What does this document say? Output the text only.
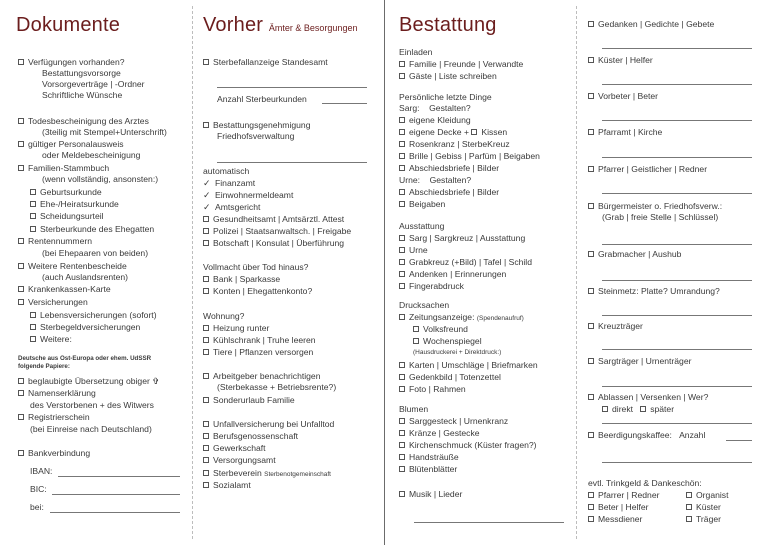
Dokumente
Verfügungen vorhanden?
Bestattungsvorsorge
Vorsorgeverträge | -Ordner
Schriftliche Wünsche
Todesbescheinigung des Arztes
(3teilig mit Stempel+Unterschrift)
gültiger Personalausweis
oder Meldebescheinigung
Familien-Stammbuch
(wenn vollständig, ansonsten:)
Geburtsurkunde
Ehe-/Heiratsurkunde
Scheidungsurteil
Sterbeurkunde des Ehegatten
Rentennummern
(bei Ehepaaren von beiden)
Weitere Rentenbescheide
(auch Auslandsrenten)
Krankenkassen-Karte
Versicherungen
Lebensversicherungen (sofort)
Sterbegeldversicherungen
Weitere:
Deutsche aus Ost-Europa oder ehem. UdSSR
folgende Papiere:
beglaubigte Übersetzung obiger ✞
Namenserklärung
des Verstorbenen + des Witwers
Registrierschein
(bei Einreise nach Deutschland)
Bankverbindung
IBAN:
BIC:
bei:
Vorher Ämter & Besorgungen
Sterbefallanzeige Standesamt
Anzahl Sterbeurkunden
Bestattungsgenehmigung
Friedhofsverwaltung
automatisch
✓ Finanzamt
✓ Einwohnermeldeamt
✓ Amtsgericht
Gesundheitsamt | Amtsärztl. Attest
Polizei | Staatsanwaltsch. | Freigabe
Botschaft | Konsulat | Überführung
Vollmacht über Tod hinaus?
Bank | Sparkasse
Konten | Ehegattenkonto?
Wohnung?
Heizung runter
Kühlschrank | Truhe leeren
Tiere | Pflanzen versorgen
Arbeitgeber benachrichtigen
(Sterbekasse + Betriebsrente?)
Sonderurlaub Familie
Unfallversicherung bei Unfalltod
Berufsgenossenschaft
Gewerkschaft
Versorgungsamt
Sterbeverein Sterbenotgemeinschaft
Sozialamt
Bestattung
Einladen
Familie | Freunde | Verwandte
Gäste | Liste schreiben
Persönliche letzte Dinge
Sarg: Gestalten?
eigene Kleidung
eigene Decke + Kissen
Rosenkranz | SterbeKreuz
Brille | Gebiss | Parfüm | Beigaben
Abschiedsbriefe | Bilder
Urne: Gestalten?
Abschiedsbriefe | Bilder
Beigaben
Ausstattung
Sarg | Sargkreuz | Ausstattung
Urne
Grabkreuz (+Bild) | Tafel | Schild
Andenken | Erinnerungen
Fingerabdruck
Drucksachen
Zeitungsanzeige: (Spendenaufruf)
Volksfreund
Wochenspiegel
(Hausdruckerei + Direktdruck:)
Karten | Umschläge | Briefmarken
Gedenkbild | Totenzettel
Foto | Rahmen
Blumen
Sarggesteck | Urnenkranz
Kränze | Gestecke
Kirchenschmuck (Küster fragen?)
Handsträuße
Blütenblätter
Musik | Lieder
Gedanken | Gedichte | Gebete
Küster | Helfer
Vorbeter | Beter
Pfarramt | Kirche
Pfarrer | Geistlicher | Redner
Bürgermeister o. Friedhofsverw.:
(Grab | freie Stelle | Schlüssel)
Grabmacher | Aushub
Steinmetz: Platte? Umrandung?
Kreuzträger
Sargträger | Urnenträger
Ablassen | Versenken | Wer?
direkt später
Beerdigungskaffee: Anzahl
evtl. Trinkgeld & Dankeschön:
Pfarrer | Redner	Organist
Beter | Helfer	Küster
Messdiener	Träger
